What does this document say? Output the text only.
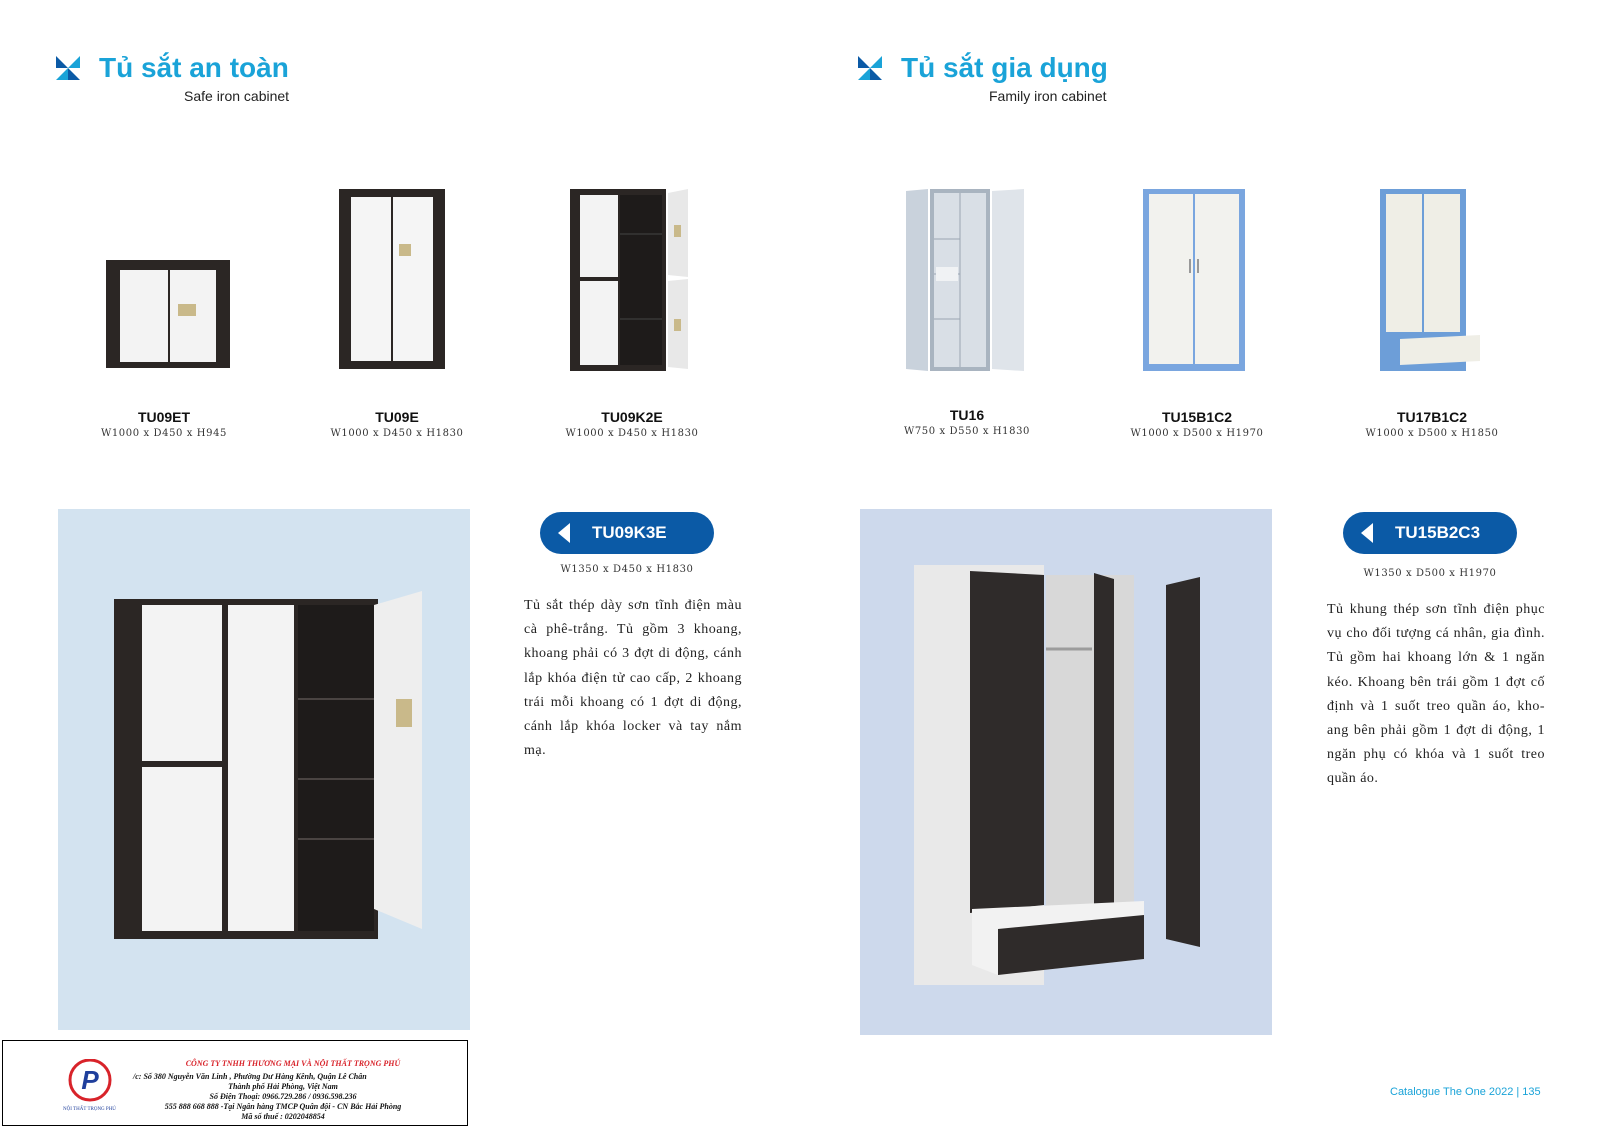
Tủ sắt an toàn
Safe iron cabinet
Tủ sắt gia dụng
Family iron cabinet
TU09ET
W1000 x D450 x H945
TU09E
W1000 x D450 x H1830
TU09K2E
W1000 x D450 x H1830
TU16
W750 x D550 x H1830
TU15B1C2
W1000 x D500 x H1970
TU17B1C2
W1000 x D500 x H1850
TU09K3E
W1350 x D450 x H1830
Tủ sắt thép dày sơn tĩnh điện màu cà phê-trắng. Tủ gồm 3 khoang, khoang phải có 3 đợt di động, cánh lắp khóa điện tử cao cấp, 2 khoang trái mỗi khoang có 1 đợt di động, cánh lắp khóa locker và tay nắm mạ.
TU15B2C3
W1350 x D500 x H1970
Tủ khung thép sơn tĩnh điện phục vụ cho đối tượng cá nhân, gia đình. Tủ gồm hai khoang lớn & 1 ngăn kéo. Khoang bên trái gồm 1 đợt cố định và 1 suốt treo quần áo, kho-ang bên phải gồm 1 đợt di động, 1 ngăn phụ có khóa và 1 suốt treo quần áo.
P
NỘI THẤT TRỌNG PHÚ
CÔNG TY TNHH THƯƠNG MẠI VÀ NỘI THẤT TRỌNG PHÚ
/c: Số 380 Nguyễn Văn Linh , Phường Dư Hàng Kênh, Quận Lê Chân
Thành phố Hải Phòng, Việt Nam
Số Điện Thoại: 0966.729.286 / 0936.598.236
555 888 668 888 -Tại Ngân hàng TMCP Quân đội - CN Bắc Hải Phòng
Mã số thuế : 0202048854
Catalogue The One 2022 | 135
